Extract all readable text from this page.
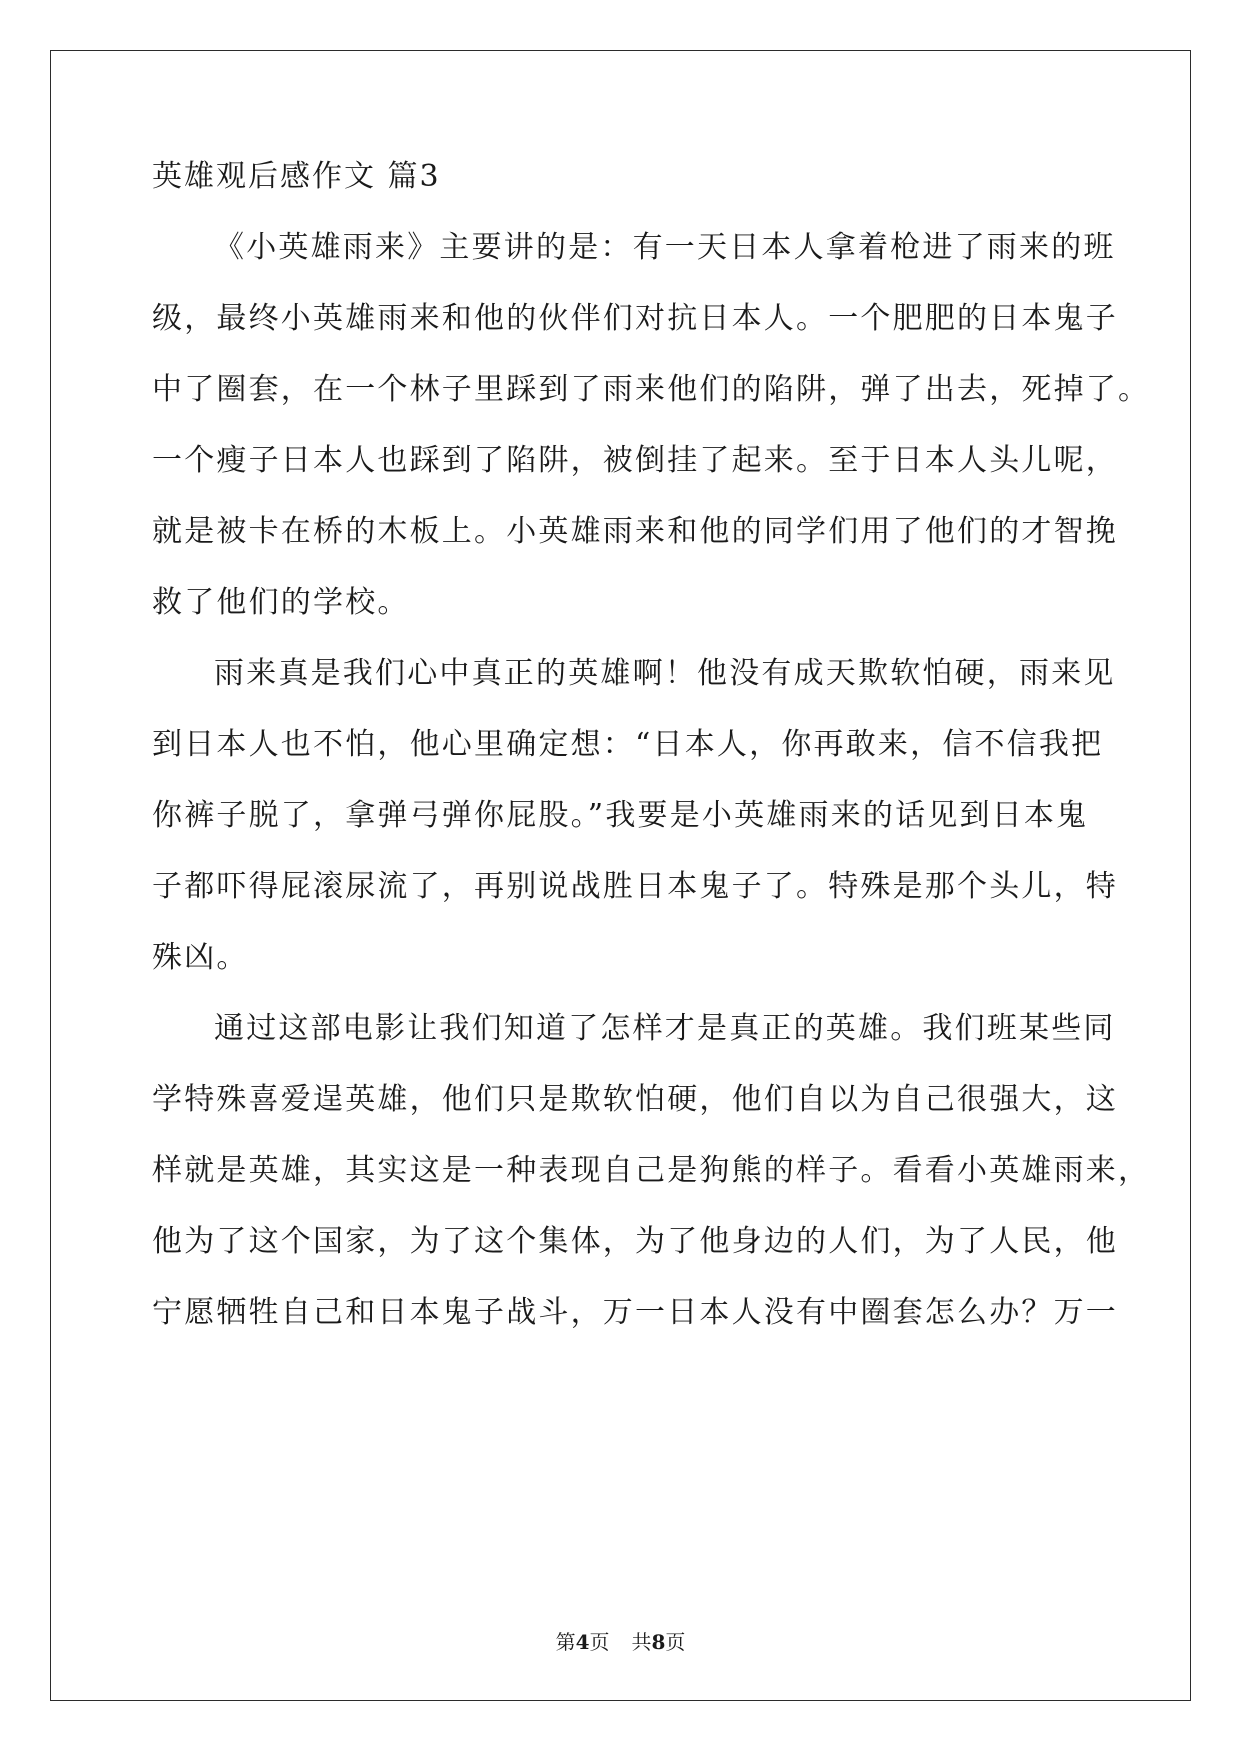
英雄观后感作文 篇3
《小英雄雨来》主要讲的是：有一天日本人拿着枪进了雨来的班
级，最终小英雄雨来和他的伙伴们对抗日本人。一个肥肥的日本鬼子
中了圈套，在一个林子里踩到了雨来他们的陷阱，弹了出去，死掉了。
一个瘦子日本人也踩到了陷阱，被倒挂了起来。至于日本人头儿呢，
就是被卡在桥的木板上。小英雄雨来和他的同学们用了他们的才智挽
救了他们的学校。
雨来真是我们心中真正的英雄啊！他没有成天欺软怕硬，雨来见
到日本人也不怕，他心里确定想：“日本人，你再敢来，信不信我把
你裤子脱了，拿弹弓弹你屁股。”我要是小英雄雨来的话见到日本鬼
子都吓得屁滚尿流了，再别说战胜日本鬼子了。特殊是那个头儿，特
殊凶。
通过这部电影让我们知道了怎样才是真正的英雄。我们班某些同
学特殊喜爱逞英雄，他们只是欺软怕硬，他们自以为自己很强大，这
样就是英雄，其实这是一种表现自己是狗熊的样子。看看小英雄雨来，
他为了这个国家，为了这个集体，为了他身边的人们，为了人民，他
宁愿牺牲自己和日本鬼子战斗，万一日本人没有中圈套怎么办？万一
第4页 共8页
